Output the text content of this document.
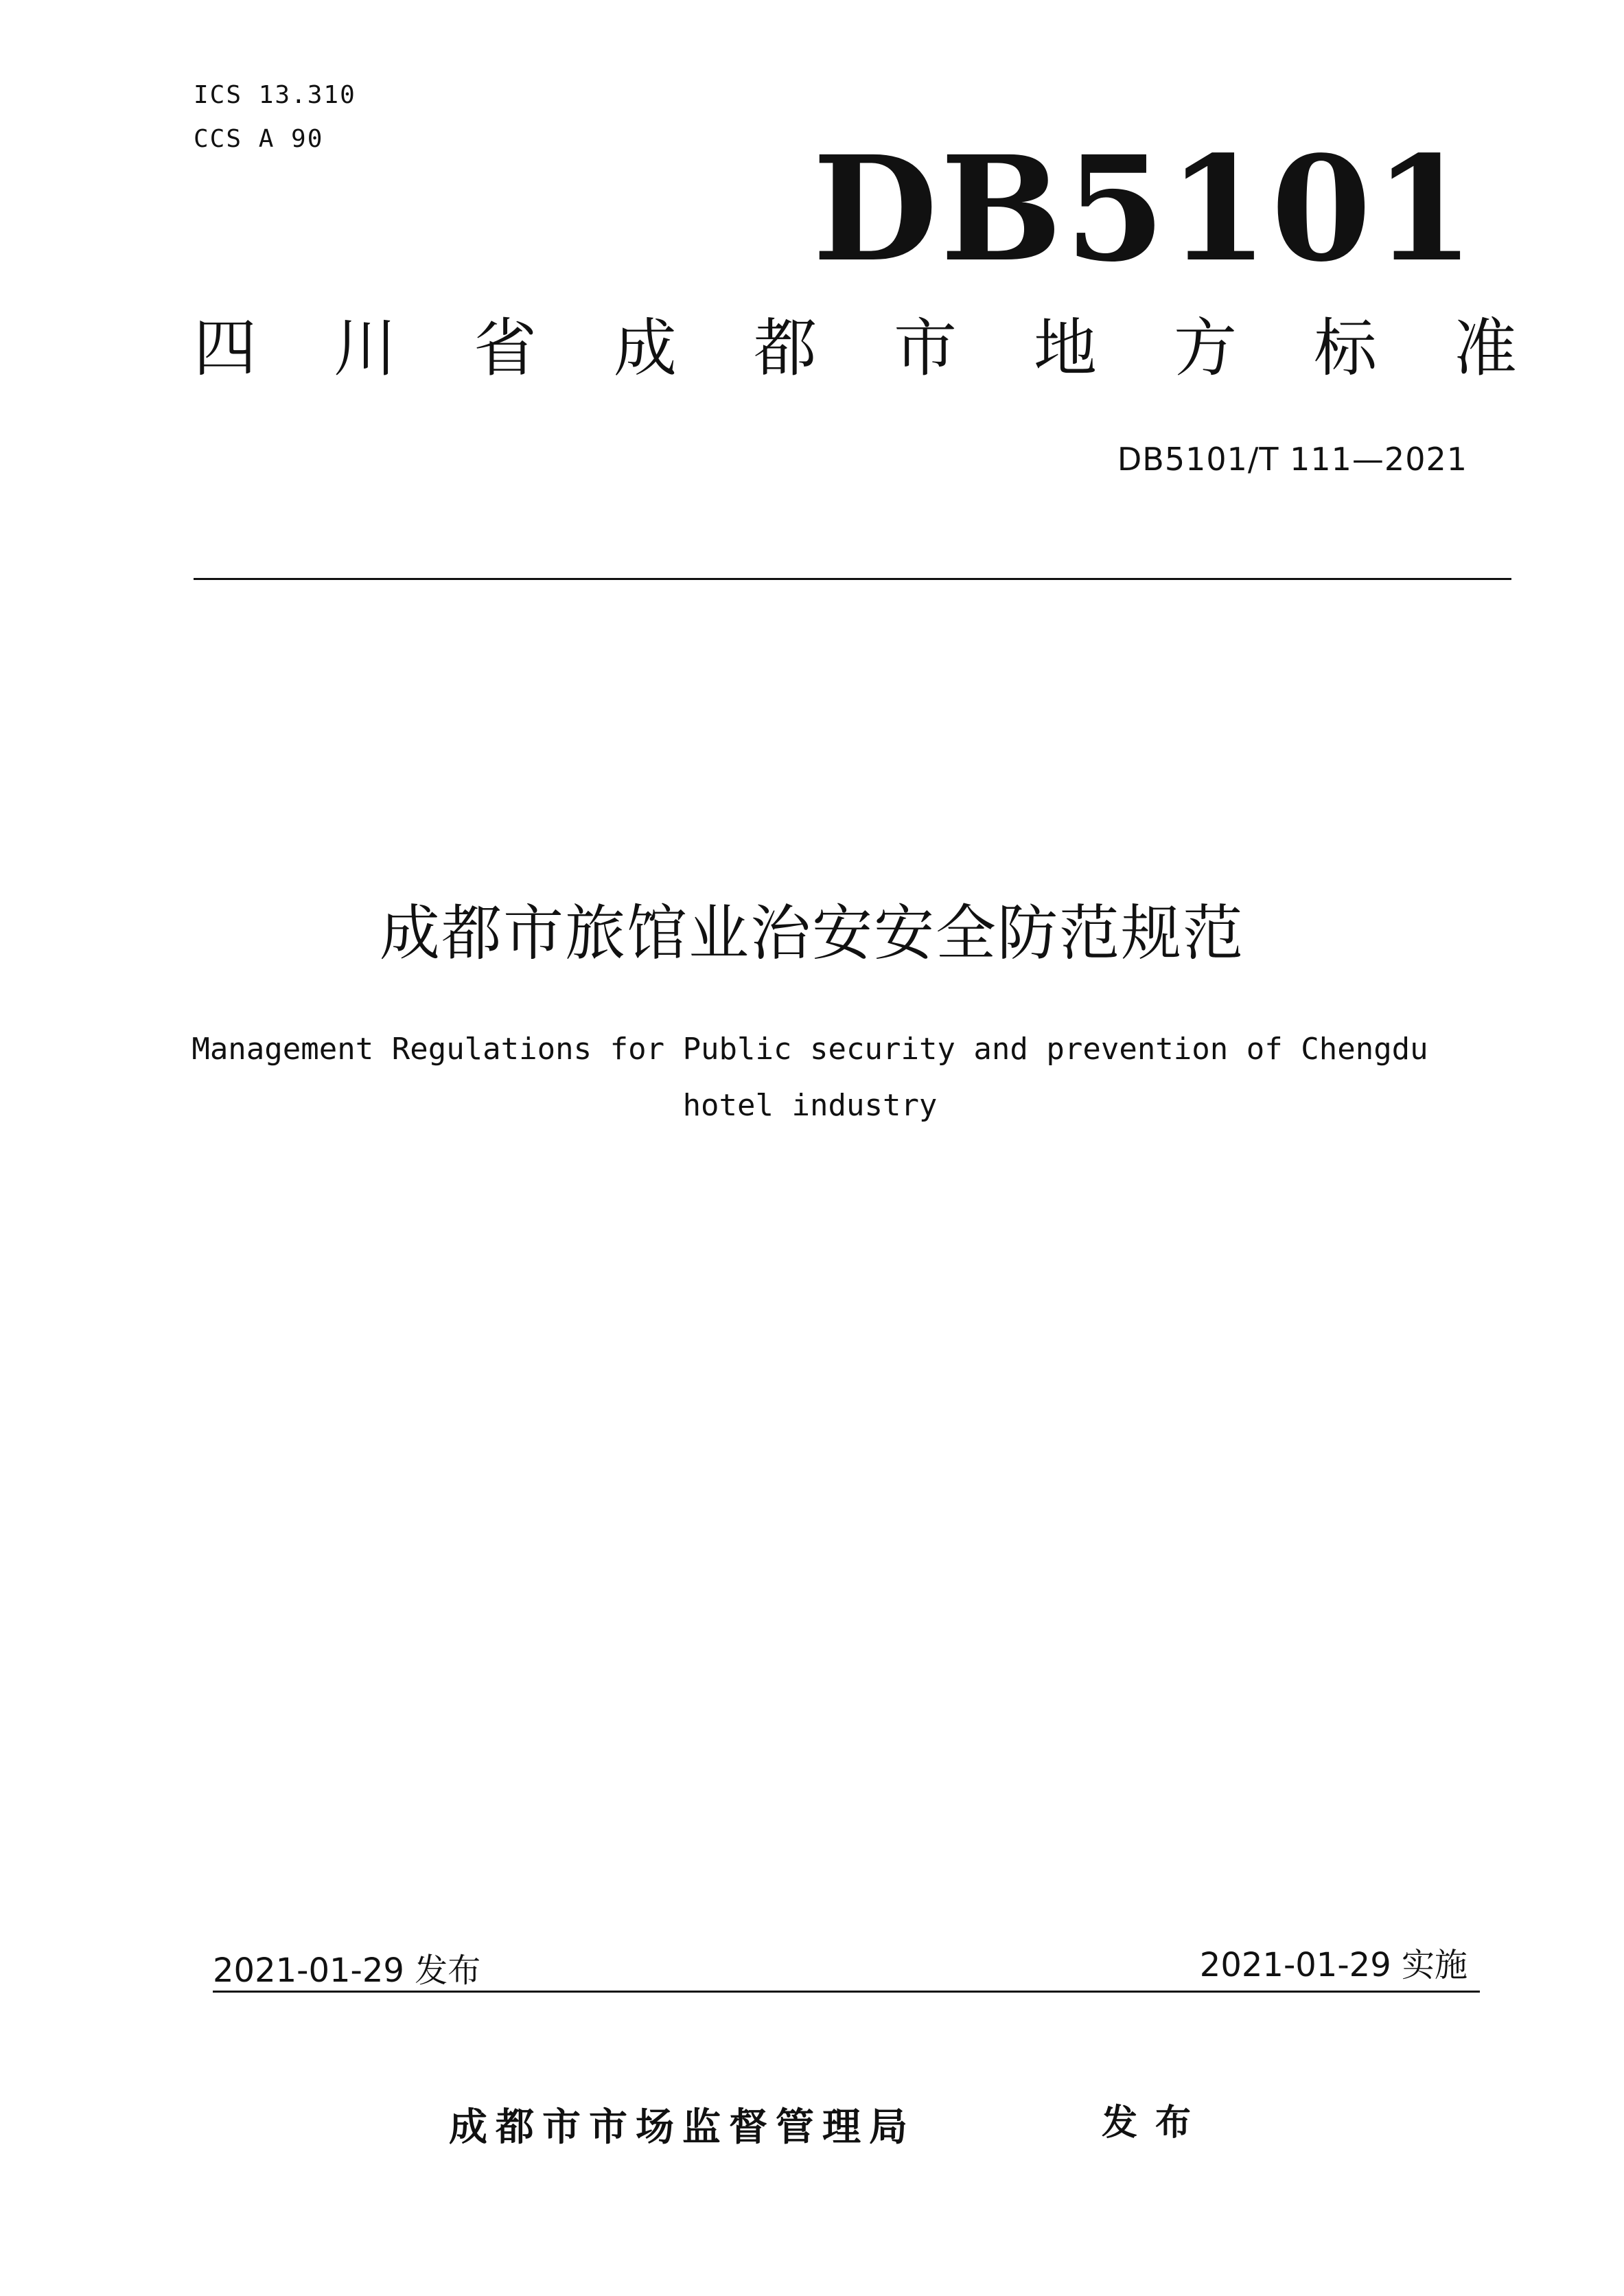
ICS 13.310
CCS A 90	DB5101
四 川 省 成 都 市 地 方 标 准
DB5101/T 111—2021
成都市旅馆业治安安全防范规范
Management Regulations for Public security and prevention of Chengdu
hotel industry
2021-01-29 发布	2021-01-29 实施
成都市市场监督管理局	发布
